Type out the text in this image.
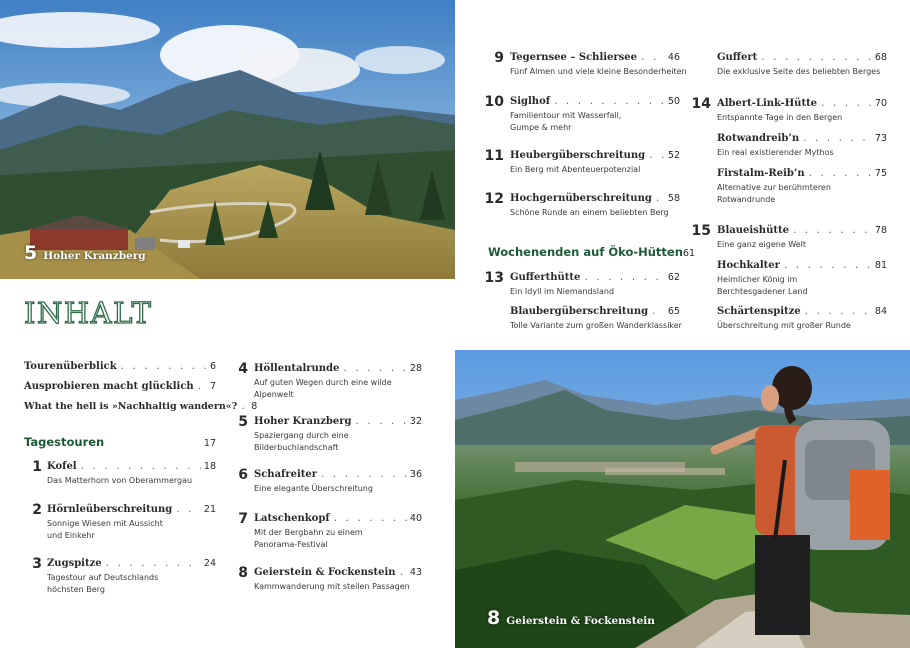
5 Hoher Kranzberg
8 Geierstein & Fockenstein
INHALT
Tourenüberblick . . .	6
Ausprobieren macht glücklich . . . 7
What the hell is »Nachhaltig wandern«? . . . 8
Tagestouren	17
1 Kofel . . .	18
Das Matterhorn von Oberammergau
2 Hörnleüberschreitung . . .	21
Sonnige Wiesen mit Aussicht
und Einkehr
3 Zugspitze . . .	24
Tagestour auf Deutschlands
höchsten Berg
4 Höllentalrunde . . .	28
Auf guten Wegen durch eine wilde
Alpenwelt
5 Hoher Kranzberg . . .	32
Spaziergang durch eine
Bilderbuchlandschaft
6 Schafreiter . . .	36
Eine elegante Überschreitung
7 Latschenkopf . . .	40
Mit der Bergbahn zu einem
Panorama-Festival
8 Geierstein & Fockenstein . . . 43
Kammwanderung mit steilen Passagen
9 Tegernsee – Schliersee . . .	46
Fünf Almen und viele kleine Besonderheiten
10 Siglhof . . .	50
Familientour mit Wasserfall,
Gumpe & mehr
11 Heubergüberschreitung . . . 52
Ein Berg mit Abenteuerpotenzial
12 Hochgernüberschreitung . . . 58
Schöne Runde an einem beliebten Berg
Wochenenden auf Öko-Hütten 61
13 Gufferthütte . . .	62
Ein Idyll im Niemandsland
Blaubergüberschreitung . . . 65
Tolle Variante zum großen Wanderklassiker
Guffert . . .	68
Die exklusive Seite des beliebten Berges
14 Albert-Link-Hütte . . .	70
Entspannte Tage in den Bergen
Rotwandreib’n . . .	73
Ein real existierender Mythos
Firstalm-Reib’n . . .	75
Alternative zur berühmteren
Rotwandrunde
15 Blaueishütte . . .	78
Eine ganz eigene Welt
Hochkalter . . .	81
Heimlicher König im
Berchtesgadener Land
Schärtenspitze . . .	84
Überschreitung mit großer Runde
